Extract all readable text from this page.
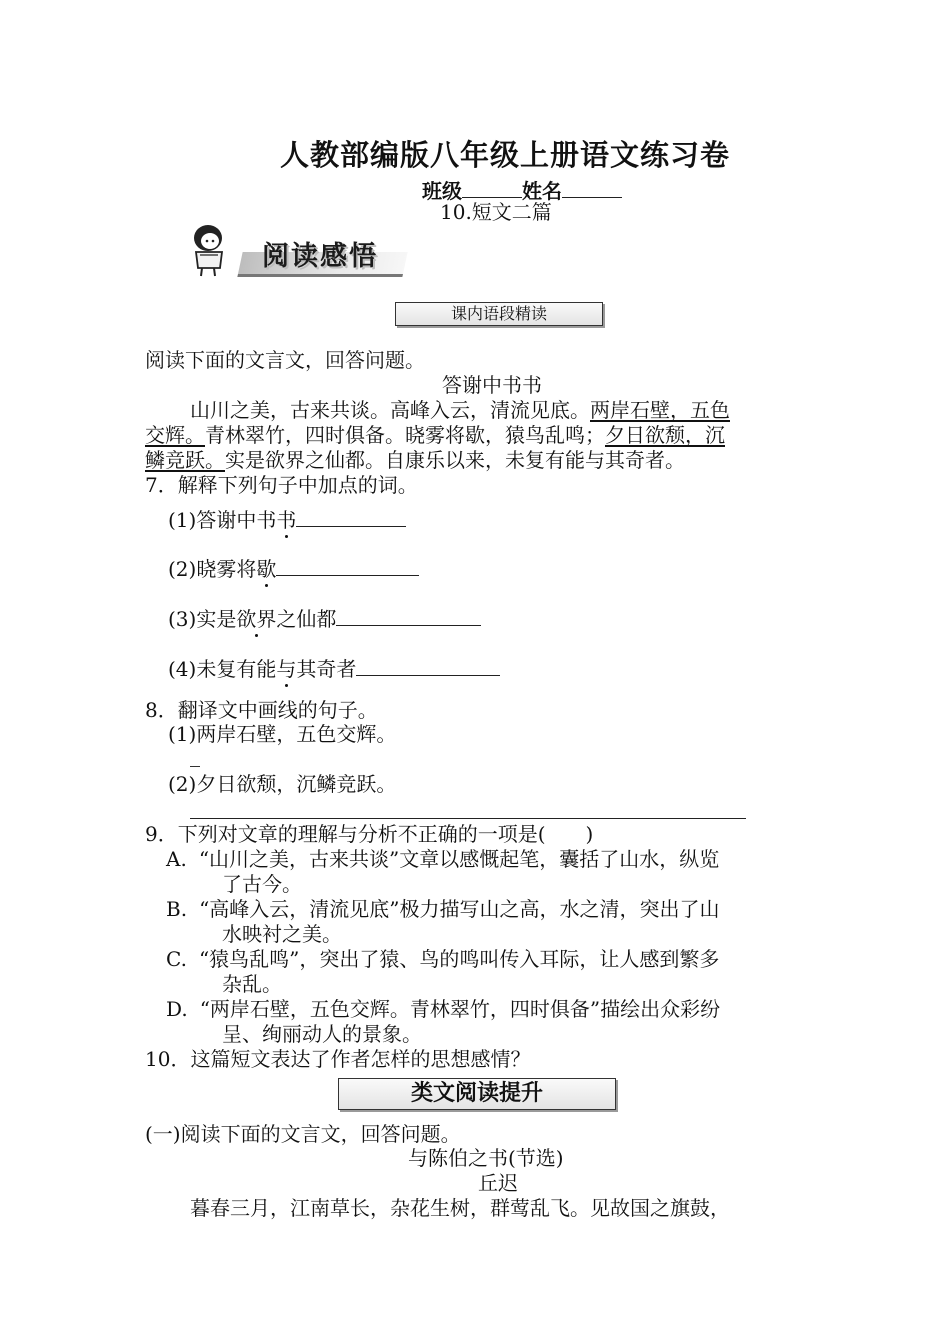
人教部编版八年级上册语文练习卷
班级	姓名
10.短文二篇
阅读感悟
课内语段精读
阅读下面的文言文，回答问题。
答谢中书书
山川之美，古来共谈。高峰入云，清流见底。两岸石壁，五色
交辉。青林翠竹，四时俱备。晓雾将歇，猿鸟乱鸣；夕日欲颓，沉
鳞竞跃。实是欲界之仙都。自康乐以来，未复有能与其奇者。
7．解释下列句子中加点的词。
(1)答谢中书书
(2)晓雾将歇
(3)实是欲界之仙都
(4)未复有能与其奇者
8．翻译文中画线的句子。
(1)两岸石壁，五色交辉。
(2)夕日欲颓，沉鳞竞跃。
9．下列对文章的理解与分析不正确的一项是(　　)
A. “山川之美，古来共谈”文章以感慨起笔，囊括了山水，纵览
了古今。
B. “高峰入云，清流见底”极力描写山之高，水之清，突出了山
水映衬之美。
C. “猿鸟乱鸣”，突出了猿、鸟的鸣叫传入耳际，让人感到繁多
杂乱。
D. “两岸石壁，五色交辉。青林翠竹，四时俱备”描绘出众彩纷
呈、绚丽动人的景象。
10．这篇短文表达了作者怎样的思想感情？
类文阅读提升
(一)阅读下面的文言文，回答问题。
与陈伯之书(节选)
丘迟
暮春三月，江南草长，杂花生树，群莺乱飞。见故国之旗鼓，
